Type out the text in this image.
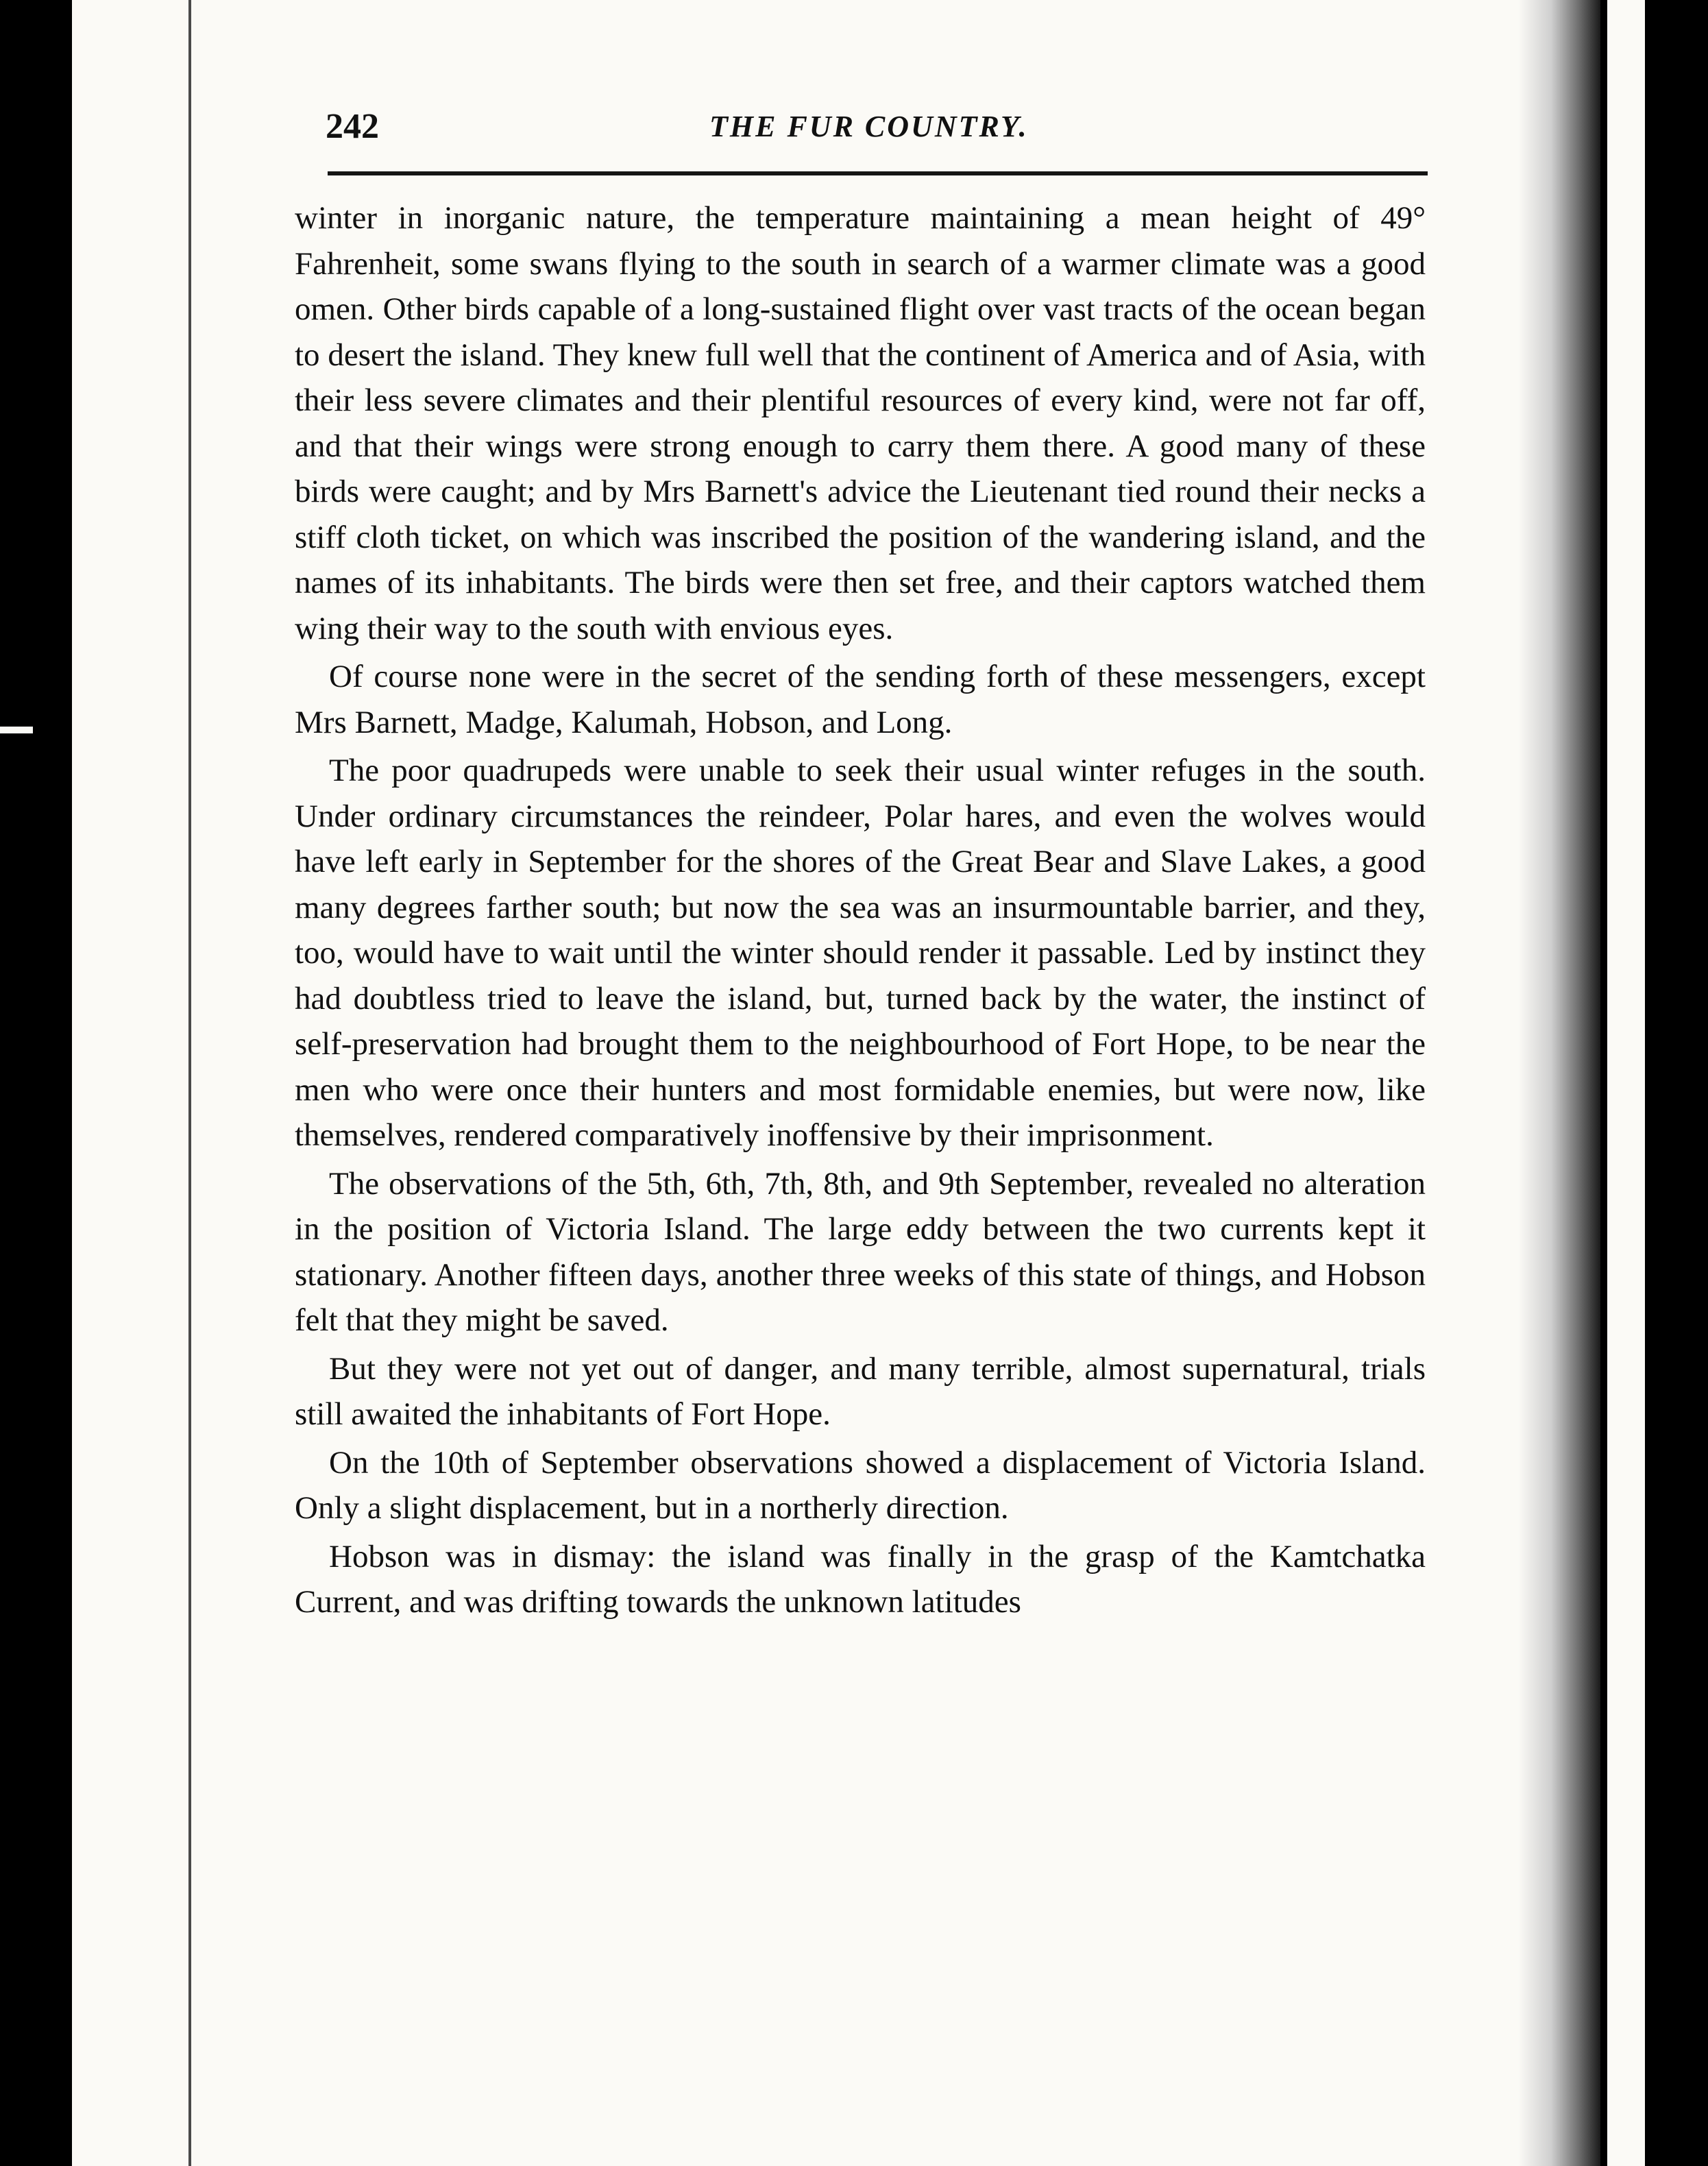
242	THE FUR COUNTRY.

winter in inorganic nature, the temperature maintaining a mean height of 49° Fahrenheit, some swans flying to the south in search of a warmer climate was a good omen. Other birds capable of a long-sustained flight over vast tracts of the ocean began to desert the island. They knew full well that the continent of America and of Asia, with their less severe climates and their plentiful resources of every kind, were not far off, and that their wings were strong enough to carry them there. A good many of these birds were caught; and by Mrs Barnett's advice the Lieutenant tied round their necks a stiff cloth ticket, on which was inscribed the position of the wandering island, and the names of its inhabitants. The birds were then set free, and their captors watched them wing their way to the south with envious eyes.

Of course none were in the secret of the sending forth of these messengers, except Mrs Barnett, Madge, Kalumah, Hobson, and Long.

The poor quadrupeds were unable to seek their usual winter refuges in the south. Under ordinary circumstances the reindeer, Polar hares, and even the wolves would have left early in September for the shores of the Great Bear and Slave Lakes, a good many degrees farther south; but now the sea was an insurmountable barrier, and they, too, would have to wait until the winter should render it passable. Led by instinct they had doubtless tried to leave the island, but, turned back by the water, the instinct of self-preservation had brought them to the neighbourhood of Fort Hope, to be near the men who were once their hunters and most formidable enemies, but were now, like themselves, rendered comparatively inoffensive by their imprisonment.

The observations of the 5th, 6th, 7th, 8th, and 9th September, revealed no alteration in the position of Victoria Island. The large eddy between the two currents kept it stationary. Another fifteen days, another three weeks of this state of things, and Hobson felt that they might be saved.

But they were not yet out of danger, and many terrible, almost supernatural, trials still awaited the inhabitants of Fort Hope.

On the 10th of September observations showed a displacement of Victoria Island. Only a slight displacement, but in a northerly direction.

Hobson was in dismay: the island was finally in the grasp of the Kamtchatka Current, and was drifting towards the unknown latitudes
